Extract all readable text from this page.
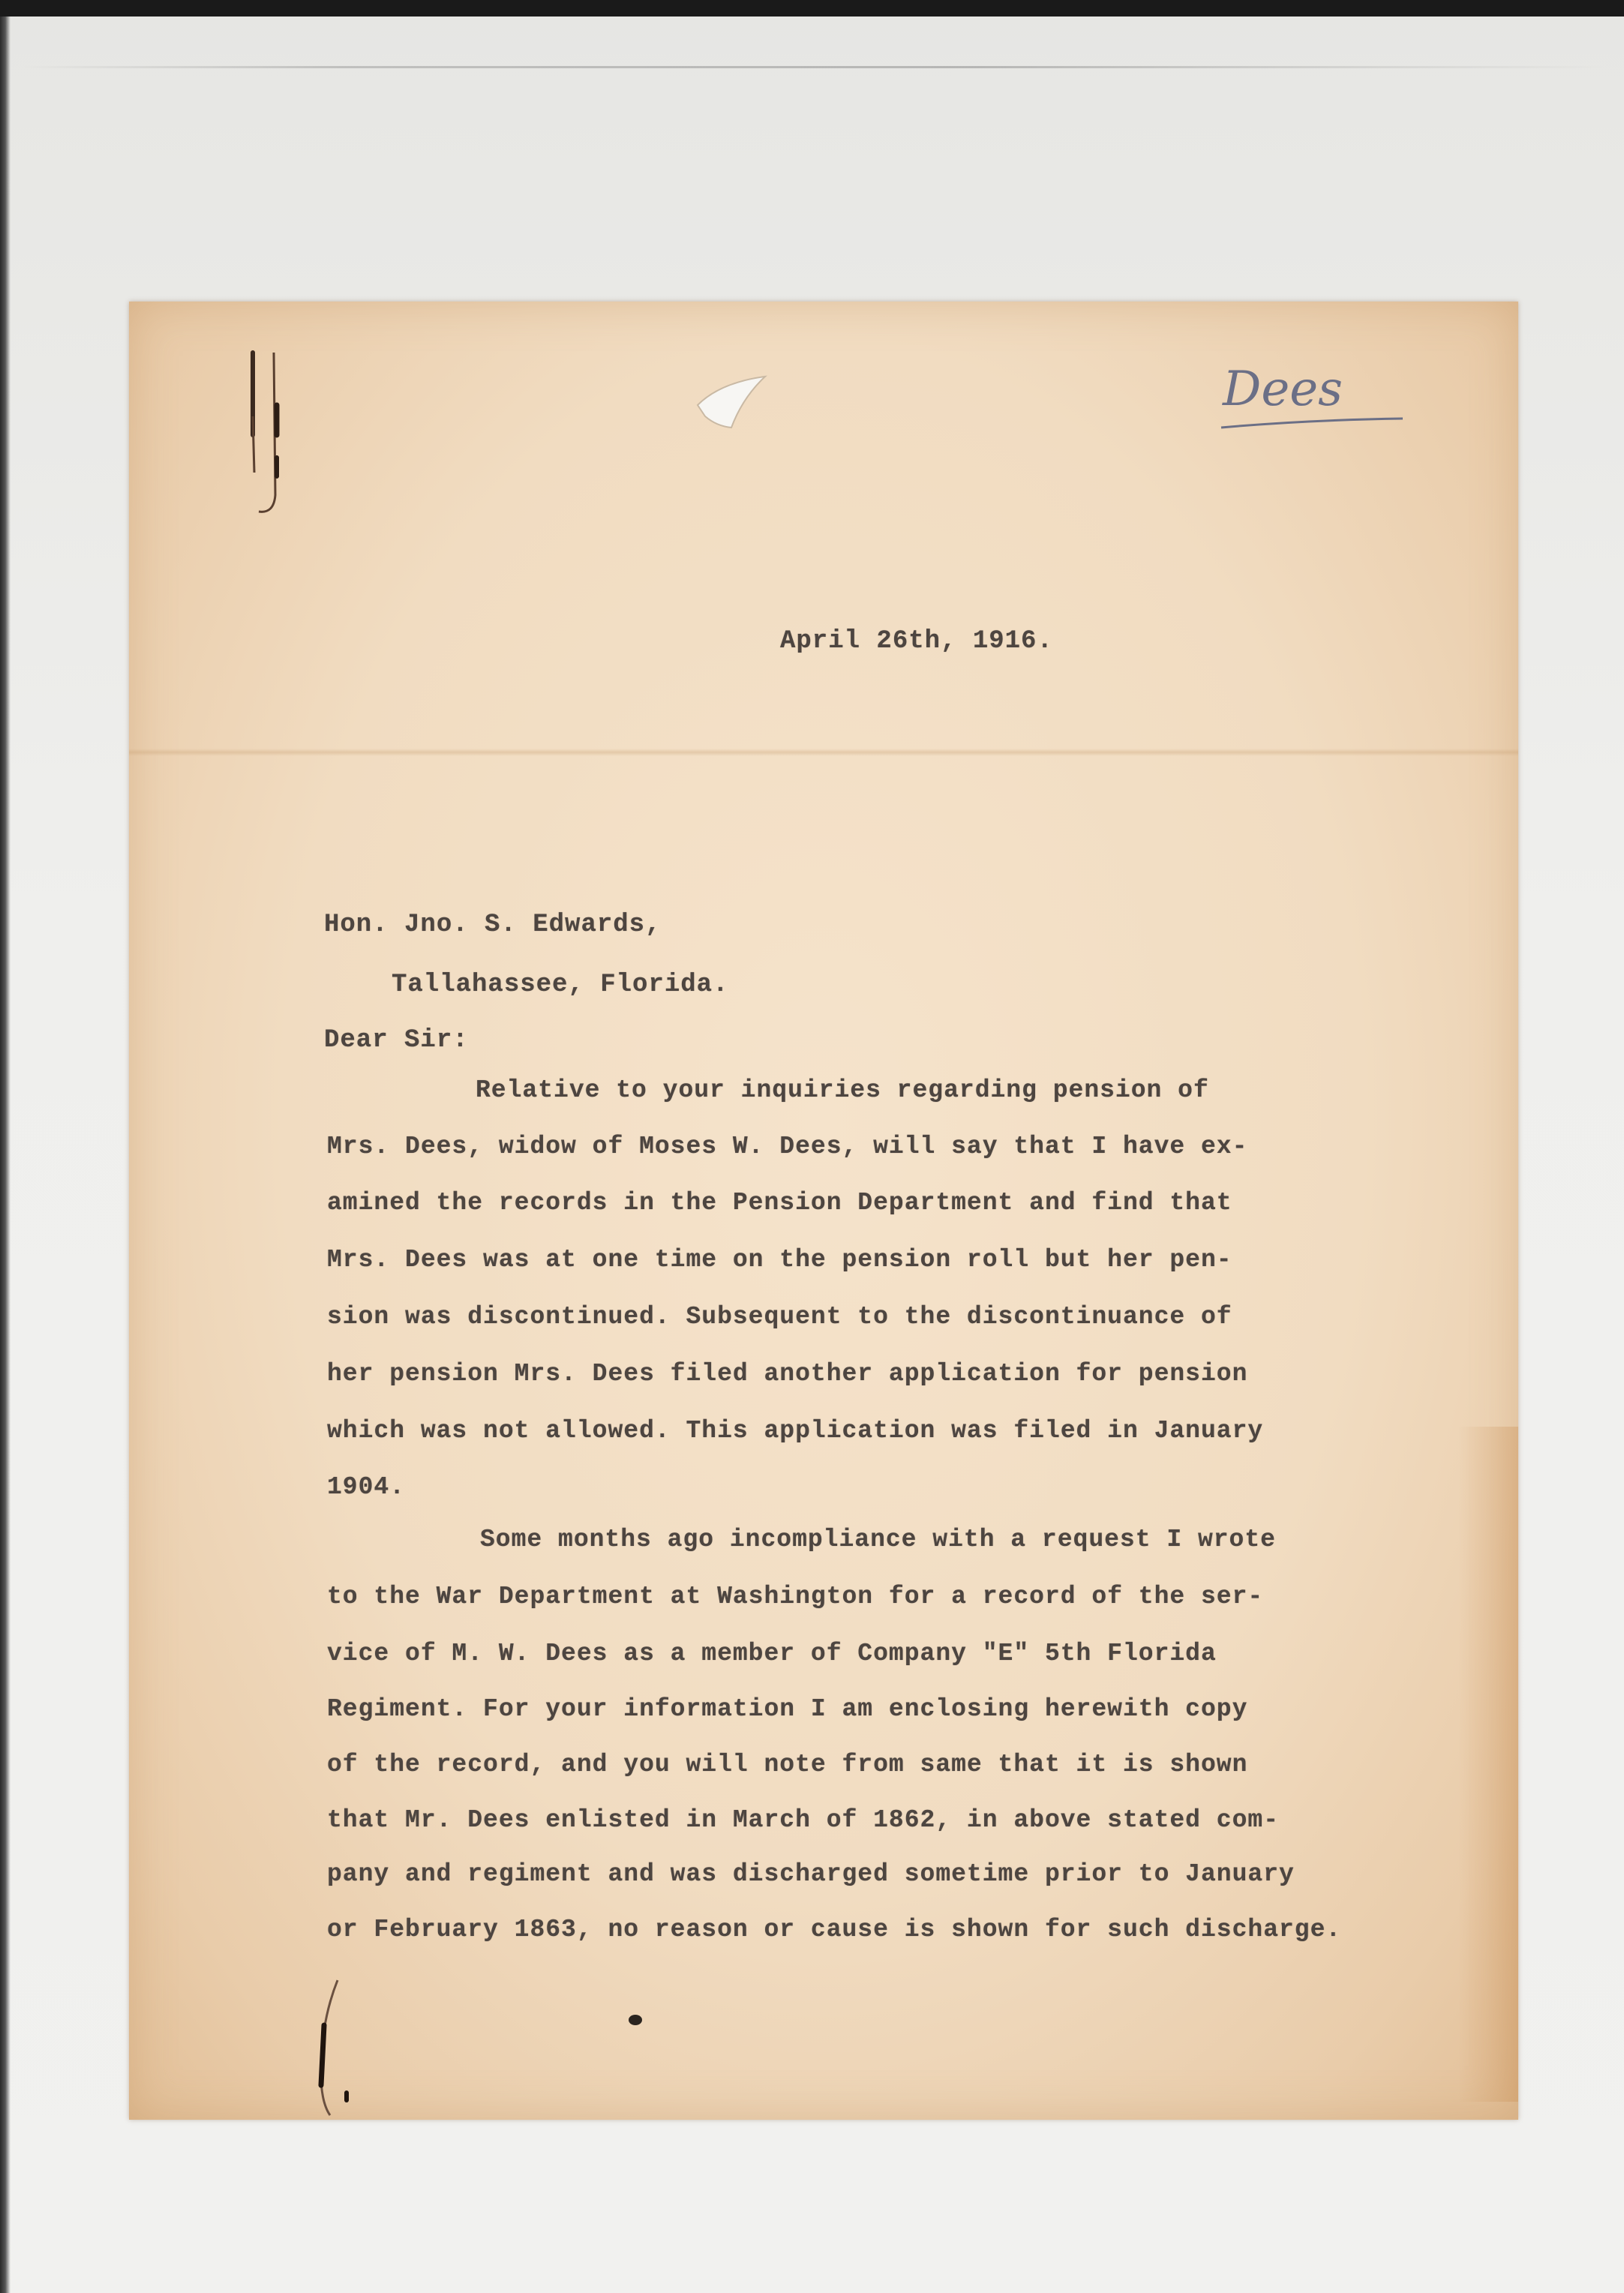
Dees
April 26th, 1916.
Hon. Jno. S. Edwards,
Tallahassee, Florida.
Dear Sir:
Relative to your inquiries regarding pension of
Mrs. Dees, widow of Moses W. Dees, will say that I have ex-
amined the records in the Pension Department and find that
Mrs. Dees was at one time on the pension roll but her pen-
sion was discontinued. Subsequent to the discontinuance of
her pension Mrs. Dees filed another application for pension
which was not allowed. This application was filed in January
1904.
Some months ago incompliance with a request I wrote
to the War Department at Washington for a record of the ser-
vice of M. W. Dees as a member of Company "E" 5th Florida
Regiment. For your information I am enclosing herewith copy
of the record, and you will note from same that it is shown
that Mr. Dees enlisted in March of 1862, in above stated com-
pany and regiment and was discharged sometime prior to January
or February 1863, no reason or cause is shown for such discharge.
